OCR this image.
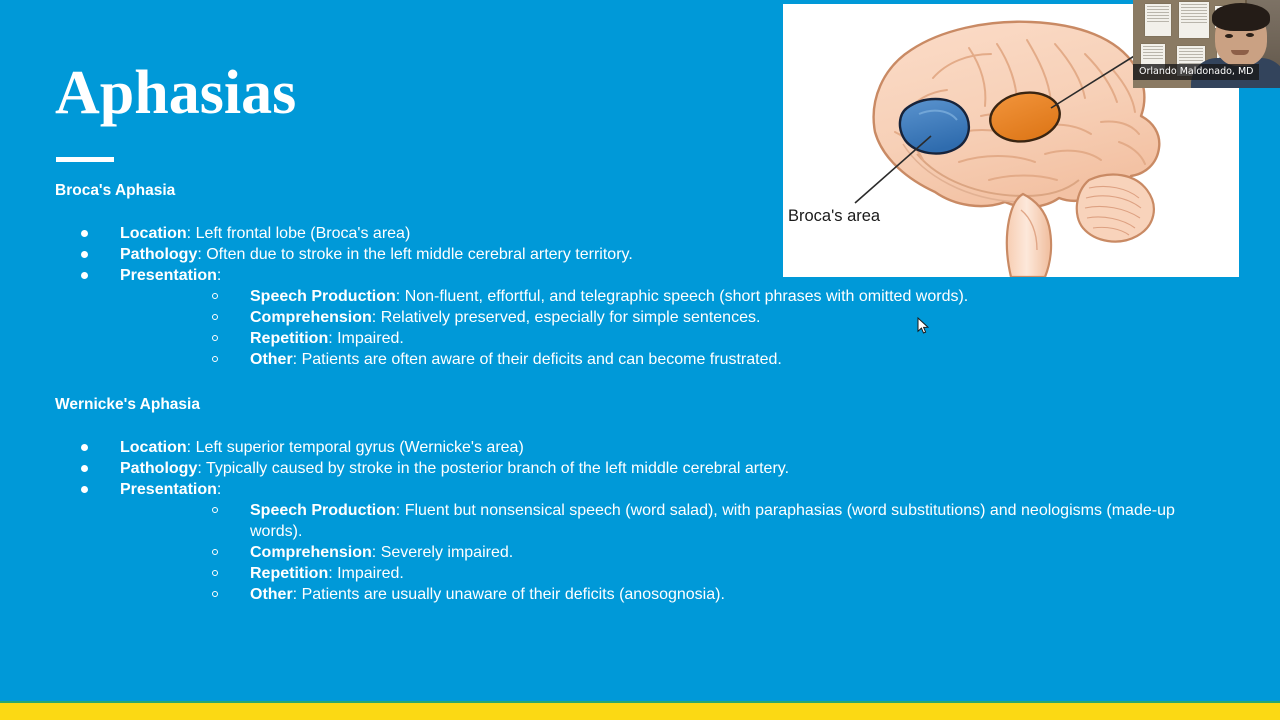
Aphasias
Broca's Aphasia
Location: Left frontal lobe (Broca's area)
Pathology: Often due to stroke in the left middle cerebral artery territory.
Presentation:
Speech Production: Non-fluent, effortful, and telegraphic speech (short phrases with omitted words).
Comprehension: Relatively preserved, especially for simple sentences.
Repetition: Impaired.
Other: Patients are often aware of their deficits and can become frustrated.
Wernicke's Aphasia
Location: Left superior temporal gyrus (Wernicke's area)
Pathology: Typically caused by stroke in the posterior branch of the left middle cerebral artery.
Presentation:
Speech Production: Fluent but nonsensical speech (word salad), with paraphasias (word substitutions) and neologisms (made-up words).
Comprehension: Severely impaired.
Repetition: Impaired.
Other: Patients are usually unaware of their deficits (anosognosia).
Broca's area
Orlando Maldonado, MD
